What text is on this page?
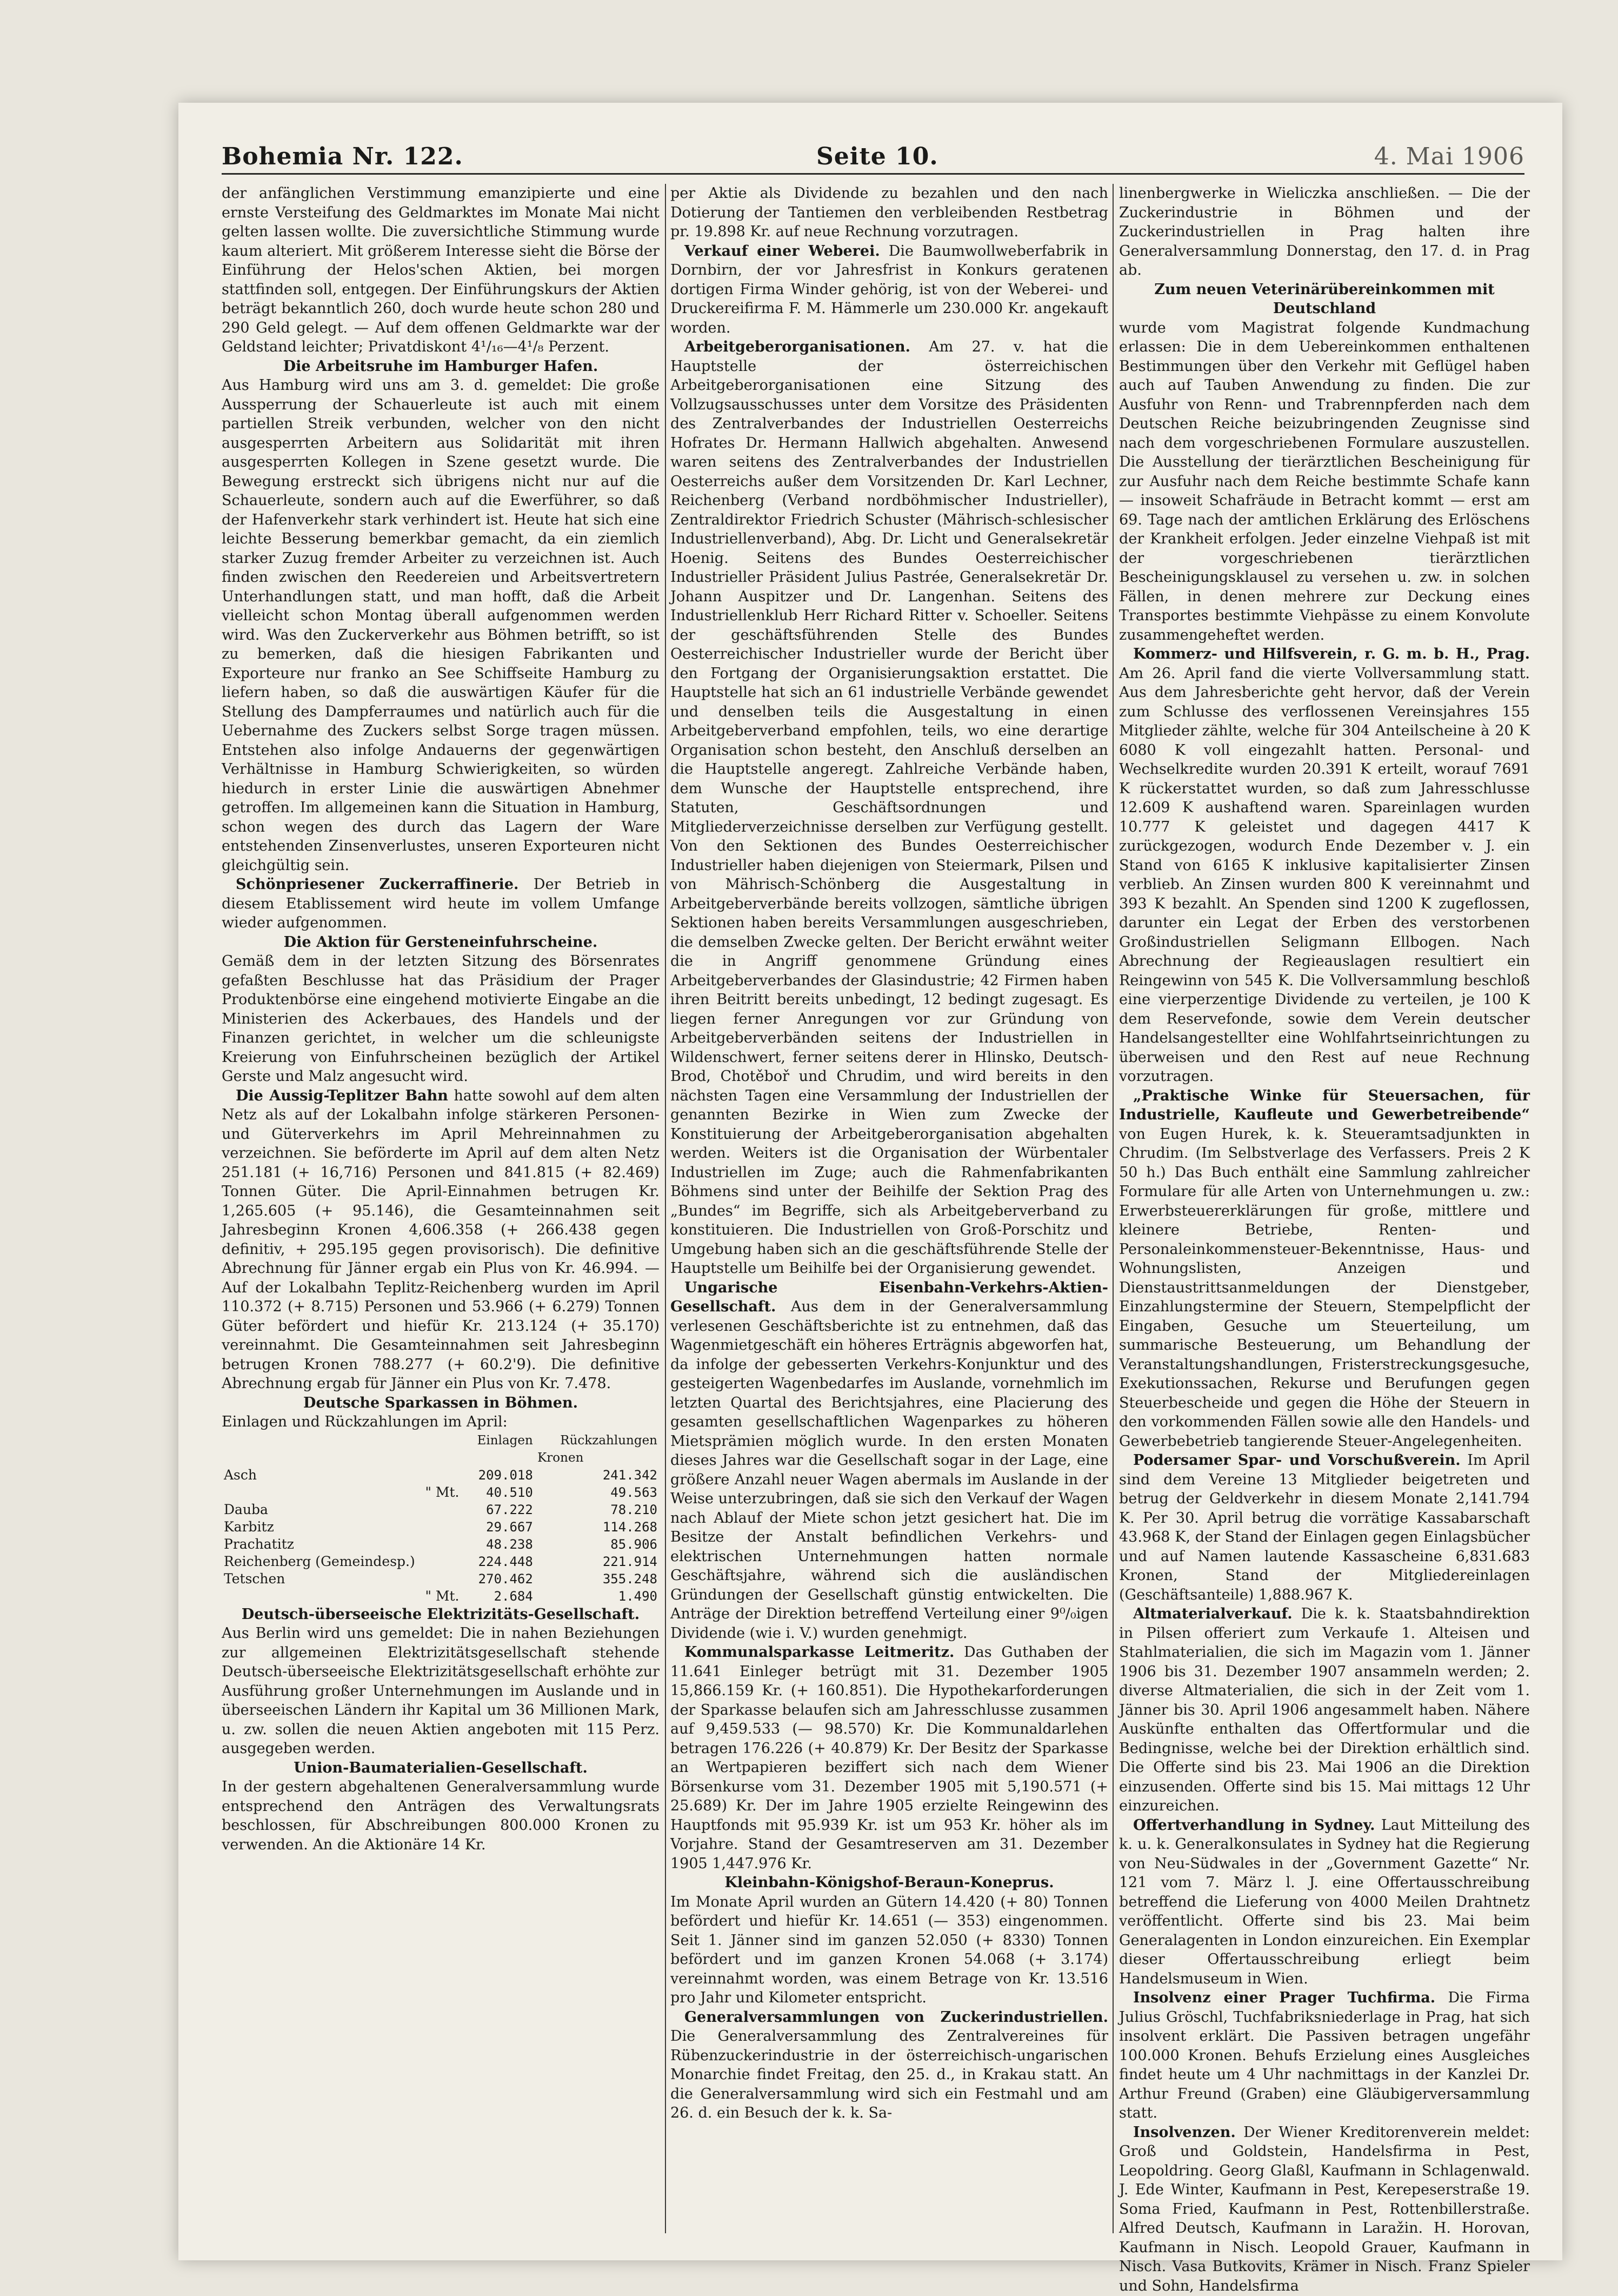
Bohemia Nr. 122.	Seite 10.	4. Mai 1906

der anfänglichen Verstimmung emanzipierte und eine ernste Versteifung des Geldmarktes im Monate Mai nicht gelten lassen wollte. Die zuversichtliche Stimmung wurde kaum alteriert. Mit größerem Interesse sieht die Börse der Einführung der Helos'schen Aktien, bei morgen stattfinden soll, entgegen. Der Einführungskurs der Aktien beträgt bekanntlich 260, doch wurde heute schon 280 und 290 Geld gelegt. — Auf dem offenen Geldmarkte war der Geldstand leichter; Privatdiskont 4¹/₁₆—4¹/₈ Perzent.

Die Arbeitsruhe im Hamburger Hafen.

Aus Hamburg wird uns am 3. d. gemeldet: Die große Aussperrung der Schauerleute ist auch mit einem partiellen Streik verbunden, welcher von den nicht ausgesperrten Arbeitern aus Solidarität mit ihren ausgesperrten Kollegen in Szene gesetzt wurde. Die Bewegung erstreckt sich übrigens nicht nur auf die Schauerleute, sondern auch auf die Ewerführer, so daß der Hafenverkehr stark verhindert ist. Heute hat sich eine leichte Besserung bemerkbar gemacht, da ein ziemlich starker Zuzug fremder Arbeiter zu verzeichnen ist. Auch finden zwischen den Reedereien und Arbeitsvertretern Unterhandlungen statt, und man hofft, daß die Arbeit vielleicht schon Montag überall aufgenommen werden wird. Was den Zuckerverkehr aus Böhmen betrifft, so ist zu bemerken, daß die hiesigen Fabrikanten und Exporteure nur franko an See Schiffseite Hamburg zu liefern haben, so daß die auswärtigen Käufer für die Stellung des Dampferraumes und natürlich auch für die Uebernahme des Zuckers selbst Sorge tragen müssen. Entstehen also infolge Andauerns der gegenwärtigen Verhältnisse in Hamburg Schwierigkeiten, so würden hiedurch in erster Linie die auswärtigen Abnehmer getroffen. Im allgemeinen kann die Situation in Hamburg, schon wegen des durch das Lagern der Ware entstehenden Zinsenverlustes, unseren Exporteuren nicht gleichgültig sein.

Schönpriesener Zuckerraffinerie. Der Betrieb in diesem Etablissement wird heute im vollem Umfange wieder aufgenommen.

Die Aktion für Gersteneinfuhrscheine.

Gemäß dem in der letzten Sitzung des Börsenrates gefaßten Beschlusse hat das Präsidium der Prager Produktenbörse eine eingehend motivierte Eingabe an die Ministerien des Ackerbaues, des Handels und der Finanzen gerichtet, in welcher um die schleunigste Kreierung von Einfuhrscheinen bezüglich der Artikel Gerste und Malz angesucht wird.

Die Aussig-Teplitzer Bahn hatte sowohl auf dem alten Netz als auf der Lokalbahn infolge stärkeren Personen- und Güterverkehrs im April Mehreinnahmen zu verzeichnen. Sie beförderte im April auf dem alten Netz 251.181 (+ 16,716) Personen und 841.815 (+ 82.469) Tonnen Güter. Die April-Einnahmen betrugen Kr. 1,265.605 (+ 95.146), die Gesamteinnahmen seit Jahresbeginn Kronen 4,606.358 (+ 266.438 gegen definitiv, + 295.195 gegen provisorisch). Die definitive Abrechnung für Jänner ergab ein Plus von Kr. 46.994. — Auf der Lokalbahn Teplitz-Reichenberg wurden im April 110.372 (+ 8.715) Personen und 53.966 (+ 6.279) Tonnen Güter befördert und hiefür Kr. 213.124 (+ 35.170) vereinnahmt. Die Gesamteinnahmen seit Jahresbeginn betrugen Kronen 788.277 (+ 60.2'9). Die definitive Abrechnung ergab für Jänner ein Plus von Kr. 7.478.

Deutsche Sparkassen in Böhmen.

Einlagen und Rückzahlungen im April:

	Einlagen	Rückzahlungen
	Kronen	
Asch	209.018	241.342
" Mt.	40.510	49.563
Dauba	67.222	78.210
Karbitz	29.667	114.268
Prachatitz	48.238	85.906
Reichenberg (Gemeindesp.)	224.448	221.914
Tetschen	270.462	355.248
" Mt.	2.684	1.490

Deutsch-überseeische Elektrizitäts-Gesellschaft.

Aus Berlin wird uns gemeldet: Die in nahen Beziehungen zur allgemeinen Elektrizitätsgesellschaft stehende Deutsch-überseeische Elektrizitätsgesellschaft erhöhte zur Ausführung großer Unternehmungen im Auslande und in überseeischen Ländern ihr Kapital um 36 Millionen Mark, u. zw. sollen die neuen Aktien angeboten mit 115 Perz. ausgegeben werden.

Union-Baumaterialien-Gesellschaft.

In der gestern abgehaltenen Generalversammlung wurde entsprechend den Anträgen des Verwaltungsrats beschlossen, für Abschreibungen 800.000 Kronen zu verwenden. An die Aktionäre 14 Kr.

per Aktie als Dividende zu bezahlen und den nach Dotierung der Tantiemen den verbleibenden Restbetrag pr. 19.898 Kr. auf neue Rechnung vorzutragen.

Verkauf einer Weberei. Die Baumwollweberfabrik in Dornbirn, der vor Jahresfrist in Konkurs geratenen dortigen Firma Winder gehörig, ist von der Weberei- und Druckereifirma F. M. Hämmerle um 230.000 Kr. angekauft worden.

Arbeitgeberorganisationen. Am 27. v. hat die Hauptstelle der österreichischen Arbeitgeberorganisationen eine Sitzung des Vollzugsausschusses unter dem Vorsitze des Präsidenten des Zentralverbandes der Industriellen Oesterreichs Hofrates Dr. Hermann Hallwich abgehalten. Anwesend waren seitens des Zentralverbandes der Industriellen Oesterreichs außer dem Vorsitzenden Dr. Karl Lechner, Reichenberg (Verband nordböhmischer Industrieller), Zentraldirektor Friedrich Schuster (Mährisch-schlesischer Industriellenverband), Abg. Dr. Licht und Generalsekretär Hoenig. Seitens des Bundes Oesterreichischer Industrieller Präsident Julius Pastrée, Generalsekretär Dr. Johann Auspitzer und Dr. Langenhan. Seitens des Industriellenklub Herr Richard Ritter v. Schoeller. Seitens der geschäftsführenden Stelle des Bundes Oesterreichischer Industrieller wurde der Bericht über den Fortgang der Organisierungsaktion erstattet. Die Hauptstelle hat sich an 61 industrielle Verbände gewendet und denselben teils die Ausgestaltung in einen Arbeitgeberverband empfohlen, teils, wo eine derartige Organisation schon besteht, den Anschluß derselben an die Hauptstelle angeregt. Zahlreiche Verbände haben, dem Wunsche der Hauptstelle entsprechend, ihre Statuten, Geschäftsordnungen und Mitgliederverzeichnisse derselben zur Verfügung gestellt. Von den Sektionen des Bundes Oesterreichischer Industrieller haben diejenigen von Steiermark, Pilsen und von Mährisch-Schönberg die Ausgestaltung in Arbeitgeberverbände bereits vollzogen, sämtliche übrigen Sektionen haben bereits Versammlungen ausgeschrieben, die demselben Zwecke gelten. Der Bericht erwähnt weiter die in Angriff genommene Gründung eines Arbeitgeberverbandes der Glasindustrie; 42 Firmen haben ihren Beitritt bereits unbedingt, 12 bedingt zugesagt. Es liegen ferner Anregungen vor zur Gründung von Arbeitgeberverbänden seitens der Industriellen in Wildenschwert, ferner seitens derer in Hlinsko, Deutsch-Brod, Chotěboř und Chrudim, und wird bereits in den nächsten Tagen eine Versammlung der Industriellen der genannten Bezirke in Wien zum Zwecke der Konstituierung der Arbeitgeberorganisation abgehalten werden. Weiters ist die Organisation der Würbentaler Industriellen im Zuge; auch die Rahmenfabrikanten Böhmens sind unter der Beihilfe der Sektion Prag des „Bundes“ im Begriffe, sich als Arbeitgeberverband zu konstituieren. Die Industriellen von Groß-Porschitz und Umgebung haben sich an die geschäftsführende Stelle der Hauptstelle um Beihilfe bei der Organisierung gewendet.

Ungarische Eisenbahn-Verkehrs-Aktien-Gesellschaft. Aus dem in der Generalversammlung verlesenen Geschäftsberichte ist zu entnehmen, daß das Wagenmietgeschäft ein höheres Erträgnis abgeworfen hat, da infolge der gebesserten Verkehrs-Konjunktur und des gesteigerten Wagenbedarfes im Auslande, vornehmlich im letzten Quartal des Berichtsjahres, eine Placierung des gesamten gesellschaftlichen Wagenparkes zu höheren Mietsprämien möglich wurde. In den ersten Monaten dieses Jahres war die Gesellschaft sogar in der Lage, eine größere Anzahl neuer Wagen abermals im Auslande in der Weise unterzubringen, daß sie sich den Verkauf der Wagen nach Ablauf der Miete schon jetzt gesichert hat. Die im Besitze der Anstalt befindlichen Verkehrs- und elektrischen Unternehmungen hatten normale Geschäftsjahre, während sich die ausländischen Gründungen der Gesellschaft günstig entwickelten. Die Anträge der Direktion betreffend Verteilung einer 9⁰/₀igen Dividende (wie i. V.) wurden genehmigt.

Kommunalsparkasse Leitmeritz. Das Guthaben der 11.641 Einleger betrügt mit 31. Dezember 1905 15,866.159 Kr. (+ 160.851). Die Hypothekarforderungen der Sparkasse belaufen sich am Jahresschlusse zusammen auf 9,459.533 (— 98.570) Kr. Die Kommunaldarlehen betragen 176.226 (+ 40.879) Kr. Der Besitz der Sparkasse an Wertpapieren beziffert sich nach dem Wiener Börsenkurse vom 31. Dezember 1905 mit 5,190.571 (+ 25.689) Kr. Der im Jahre 1905 erzielte Reingewinn des Hauptfonds mit 95.939 Kr. ist um 953 Kr. höher als im Vorjahre. Stand der Gesamtreserven am 31. Dezember 1905 1,447.976 Kr.

Kleinbahn-Königshof-Beraun-Koneprus.

Im Monate April wurden an Gütern 14.420 (+ 80) Tonnen befördert und hiefür Kr. 14.651 (— 353) eingenommen. Seit 1. Jänner sind im ganzen 52.050 (+ 8330) Tonnen befördert und im ganzen Kronen 54.068 (+ 3.174) vereinnahmt worden, was einem Betrage von Kr. 13.516 pro Jahr und Kilometer entspricht.

Generalversammlungen von Zuckerindustriellen. Die Generalversammlung des Zentralvereines für Rübenzuckerindustrie in der österreichisch-ungarischen Monarchie findet Freitag, den 25. d., in Krakau statt. An die Generalversammlung wird sich ein Festmahl und am 26. d. ein Besuch der k. k. Sa-

linenbergwerke in Wieliczka anschließen. — Die der Zuckerindustrie in Böhmen und der Zuckerindustriellen in Prag halten ihre Generalversammlung Donnerstag, den 17. d. in Prag ab.

Zum neuen Veterinärübereinkommen mit Deutschland

wurde vom Magistrat folgende Kundmachung erlassen: Die in dem Uebereinkommen enthaltenen Bestimmungen über den Verkehr mit Geflügel haben auch auf Tauben Anwendung zu finden. Die zur Ausfuhr von Renn- und Trabrennpferden nach dem Deutschen Reiche beizubringenden Zeugnisse sind nach dem vorgeschriebenen Formulare auszustellen. Die Ausstellung der tierärztlichen Bescheinigung für zur Ausfuhr nach dem Reiche bestimmte Schafe kann — insoweit Schafräude in Betracht kommt — erst am 69. Tage nach der amtlichen Erklärung des Erlöschens der Krankheit erfolgen. Jeder einzelne Viehpaß ist mit der vorgeschriebenen tierärztlichen Bescheinigungsklausel zu versehen u. zw. in solchen Fällen, in denen mehrere zur Deckung eines Transportes bestimmte Viehpässe zu einem Konvolute zusammengeheftet werden.

Kommerz- und Hilfsverein, r. G. m. b. H., Prag. Am 26. April fand die vierte Vollversammlung statt. Aus dem Jahresberichte geht hervor, daß der Verein zum Schlusse des verflossenen Vereinsjahres 155 Mitglieder zählte, welche für 304 Anteilscheine à 20 K 6080 K voll eingezahlt hatten. Personal- und Wechselkredite wurden 20.391 K erteilt, worauf 7691 K rückerstattet wurden, so daß zum Jahresschlusse 12.609 K aushaftend waren. Spareinlagen wurden 10.777 K geleistet und dagegen 4417 K zurückgezogen, wodurch Ende Dezember v. J. ein Stand von 6165 K inklusive kapitalisierter Zinsen verblieb. An Zinsen wurden 800 K vereinnahmt und 393 K bezahlt. An Spenden sind 1200 K zugeflossen, darunter ein Legat der Erben des verstorbenen Großindustriellen Seligmann Ellbogen. Nach Abrechnung der Regieauslagen resultiert ein Reingewinn von 545 K. Die Vollversammlung beschloß eine vierperzentige Dividende zu verteilen, je 100 K dem Reservefonde, sowie dem Verein deutscher Handelsangestellter eine Wohlfahrtseinrichtungen zu überweisen und den Rest auf neue Rechnung vorzutragen.

„Praktische Winke für Steuersachen, für Industrielle, Kaufleute und Gewerbetreibende“ von Eugen Hurek, k. k. Steueramtsadjunkten in Chrudim. (Im Selbstverlage des Verfassers. Preis 2 K 50 h.) Das Buch enthält eine Sammlung zahlreicher Formulare für alle Arten von Unternehmungen u. zw.: Erwerbsteuererklärungen für große, mittlere und kleinere Betriebe, Renten- und Personaleinkommensteuer-Bekenntnisse, Haus- und Wohnungslisten, Anzeigen und Dienstaustrittsanmeldungen der Dienstgeber, Einzahlungstermine der Steuern, Stempelpflicht der Eingaben, Gesuche um Steuerteilung, um summarische Besteuerung, um Behandlung der Veranstaltungshandlungen, Fristerstreckungsgesuche, Exekutionssachen, Rekurse und Berufungen gegen Steuerbescheide und gegen die Höhe der Steuern in den vorkommenden Fällen sowie alle den Handels- und Gewerbebetrieb tangierende Steuer-Angelegenheiten.

Podersamer Spar- und Vorschußverein. Im April sind dem Vereine 13 Mitglieder beigetreten und betrug der Geldverkehr in diesem Monate 2,141.794 K. Per 30. April betrug die vorrätige Kassabarschaft 43.968 K, der Stand der Einlagen gegen Einlagsbücher und auf Namen lautende Kassascheine 6,831.683 Kronen, Stand der Mitgliedereinlagen (Geschäftsanteile) 1,888.967 K.

Altmaterialverkauf. Die k. k. Staatsbahndirektion in Pilsen offeriert zum Verkaufe 1. Alteisen und Stahlmaterialien, die sich im Magazin vom 1. Jänner 1906 bis 31. Dezember 1907 ansammeln werden; 2. diverse Altmaterialien, die sich in der Zeit vom 1. Jänner bis 30. April 1906 angesammelt haben. Nähere Auskünfte enthalten das Offertformular und die Bedingnisse, welche bei der Direktion erhältlich sind. Die Offerte sind bis 23. Mai 1906 an die Direktion einzusenden. Offerte sind bis 15. Mai mittags 12 Uhr einzureichen.

Offertverhandlung in Sydney. Laut Mitteilung des k. u. k. Generalkonsulates in Sydney hat die Regierung von Neu-Südwales in der „Government Gazette“ Nr. 121 vom 7. März l. J. eine Offertausschreibung betreffend die Lieferung von 4000 Meilen Drahtnetz veröffentlicht. Offerte sind bis 23. Mai beim Generalagenten in London einzureichen. Ein Exemplar dieser Offertausschreibung erliegt beim Handelsmuseum in Wien.

Insolvenz einer Prager Tuchfirma. Die Firma Julius Gröschl, Tuchfabriksniederlage in Prag, hat sich insolvent erklärt. Die Passiven betragen ungefähr 100.000 Kronen. Behufs Erzielung eines Ausgleiches findet heute um 4 Uhr nachmittags in der Kanzlei Dr. Arthur Freund (Graben) eine Gläubigerversammlung statt.

Insolvenzen. Der Wiener Kreditorenverein meldet: Groß und Goldstein, Handelsfirma in Pest, Leopoldring. Georg Glaßl, Kaufmann in Schlagenwald. J. Ede Winter, Kaufmann in Pest, Kerepeserstraße 19. Soma Fried, Kaufmann in Pest, Rottenbillerstraße. Alfred Deutsch, Kaufmann in Laražin. H. Horovan, Kaufmann in Nisch. Leopold Grauer, Kaufmann in Nisch. Vasa Butkovits, Krämer in Nisch. Franz Spieler und Sohn, Handelsfirma
